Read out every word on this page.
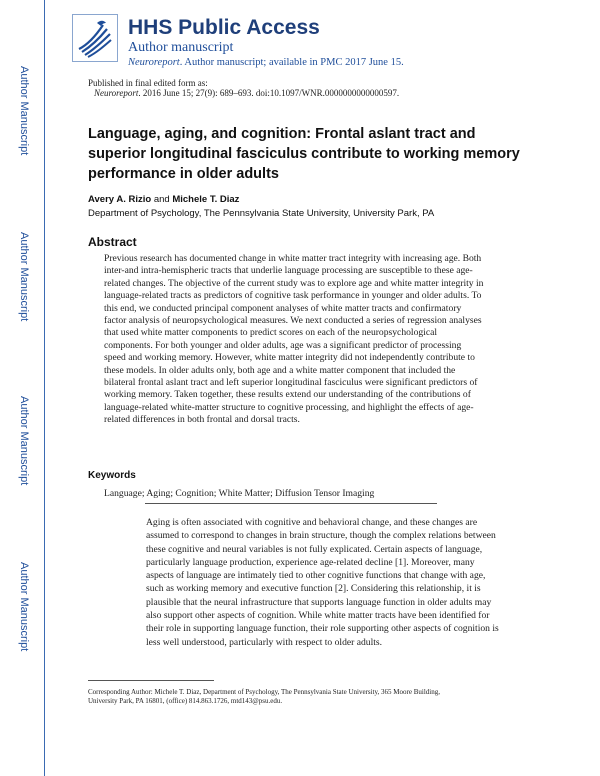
Author Manuscript
Author Manuscript
Author Manuscript
Author Manuscript
HHS Public Access
Author manuscript
Neuroreport. Author manuscript; available in PMC 2017 June 15.
Published in final edited form as:
Neuroreport. 2016 June 15; 27(9): 689–693. doi:10.1097/WNR.0000000000000597.
Language, aging, and cognition: Frontal aslant tract and superior longitudinal fasciculus contribute to working memory performance in older adults
Avery A. Rizio and Michele T. Diaz
Department of Psychology, The Pennsylvania State University, University Park, PA
Abstract
Previous research has documented change in white matter tract integrity with increasing age. Both
inter-and intra-hemispheric tracts that underlie language processing are susceptible to these age-
related changes. The objective of the current study was to explore age and white matter integrity in
language-related tracts as predictors of cognitive task performance in younger and older adults. To
this end, we conducted principal component analyses of white matter tracts and confirmatory
factor analysis of neuropsychological measures. We next conducted a series of regression analyses
that used white matter components to predict scores on each of the neuropsychological
components. For both younger and older adults, age was a significant predictor of processing
speed and working memory. However, white matter integrity did not independently contribute to
these models. In older adults only, both age and a white matter component that included the
bilateral frontal aslant tract and left superior longitudinal fasciculus were significant predictors of
working memory. Taken together, these results extend our understanding of the contributions of
language-related white-matter structure to cognitive processing, and highlight the effects of age-
related differences in both frontal and dorsal tracts.
Keywords
Language; Aging; Cognition; White Matter; Diffusion Tensor Imaging
Aging is often associated with cognitive and behavioral change, and these changes are
assumed to correspond to changes in brain structure, though the complex relations between
these cognitive and neural variables is not fully explicated. Certain aspects of language,
particularly language production, experience age-related decline [1]. Moreover, many
aspects of language are intimately tied to other cognitive functions that change with age,
such as working memory and executive function [2]. Considering this relationship, it is
plausible that the neural infrastructure that supports language function in older adults may
also support other aspects of cognition. While white matter tracts have been identified for
their role in supporting language function, their role supporting other aspects of cognition is
less well understood, particularly with respect to older adults.
Corresponding Author: Michele T. Diaz, Department of Psychology, The Pennsylvania State University, 365 Moore Building,
University Park, PA 16801, (office) 814.863.1726, mtd143@psu.edu.
